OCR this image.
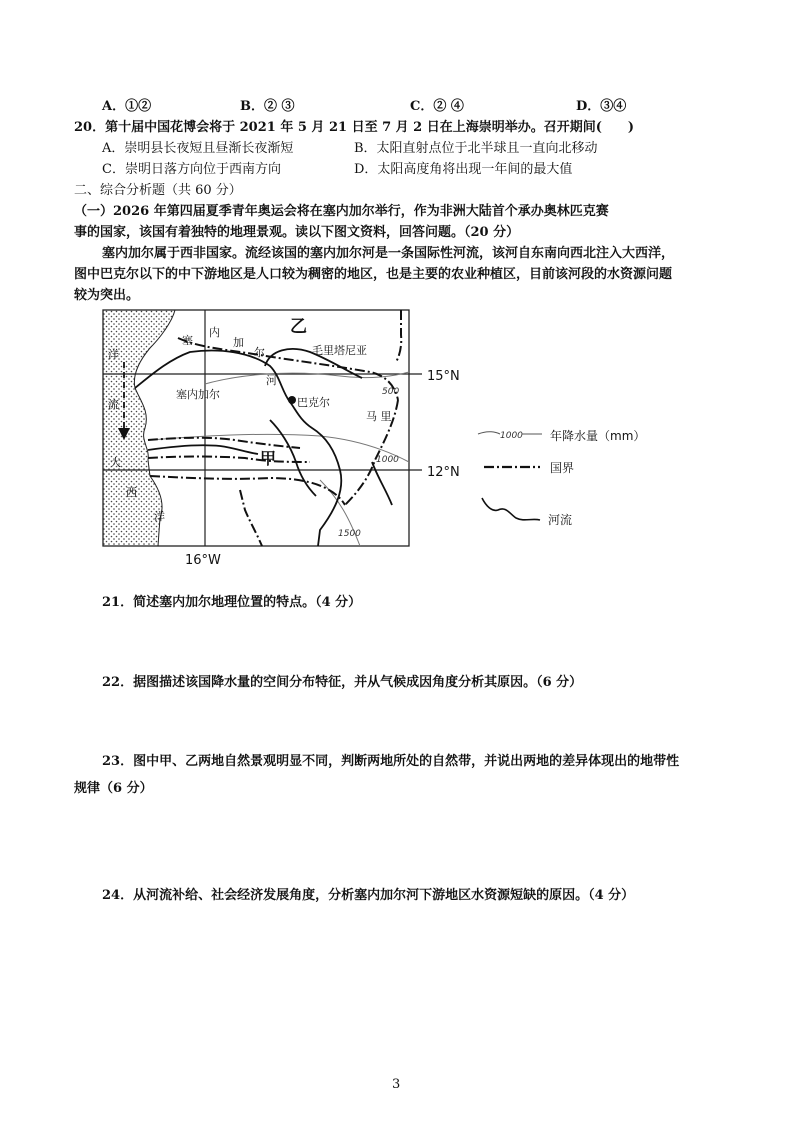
A．①②	B．② ③	C．② ④	D．③④
20．第十届中国花博会将于 2021 年 5 月 21 日至 7 月 2 日在上海崇明举办。召开期间(　　)
A．崇明县长夜短且昼渐长夜渐短	B．太阳直射点位于北半球且一直向北移动
C．崇明日落方向位于西南方向	D．太阳高度角将出现一年间的最大值
二、综合分析题（共 60 分）
（一）2026 年第四届夏季青年奥运会将在塞内加尔举行，作为非洲大陆首个承办奥林匹克赛
事的国家，该国有着独特的地理景观。读以下图文资料，回答问题。（20 分）
塞内加尔属于西非国家。流经该国的塞内加尔河是一条国际性河流，该河自东南向西北注入大西洋，
图中巴克尔以下的中下游地区是人口较为稠密的地区，也是主要的农业种植区，目前该河段的水资源问题
较为突出。
洋
流
大
西
洋
塞
内
加
尔
河
塞内加尔
毛里塔尼亚
马 里
巴克尔
乙
甲
500
1000
1500
15°N
12°N
16°W
1000 年降水量（mm）
国界
河流
21．简述塞内加尔地理位置的特点。（4 分）
22．据图描述该国降水量的空间分布特征，并从气候成因角度分析其原因。（6 分）
23．图中甲、乙两地自然景观明显不同，判断两地所处的自然带，并说出两地的差异体现出的地带性
规律（6 分）
24．从河流补给、社会经济发展角度，分析塞内加尔河下游地区水资源短缺的原因。（4 分）
3
